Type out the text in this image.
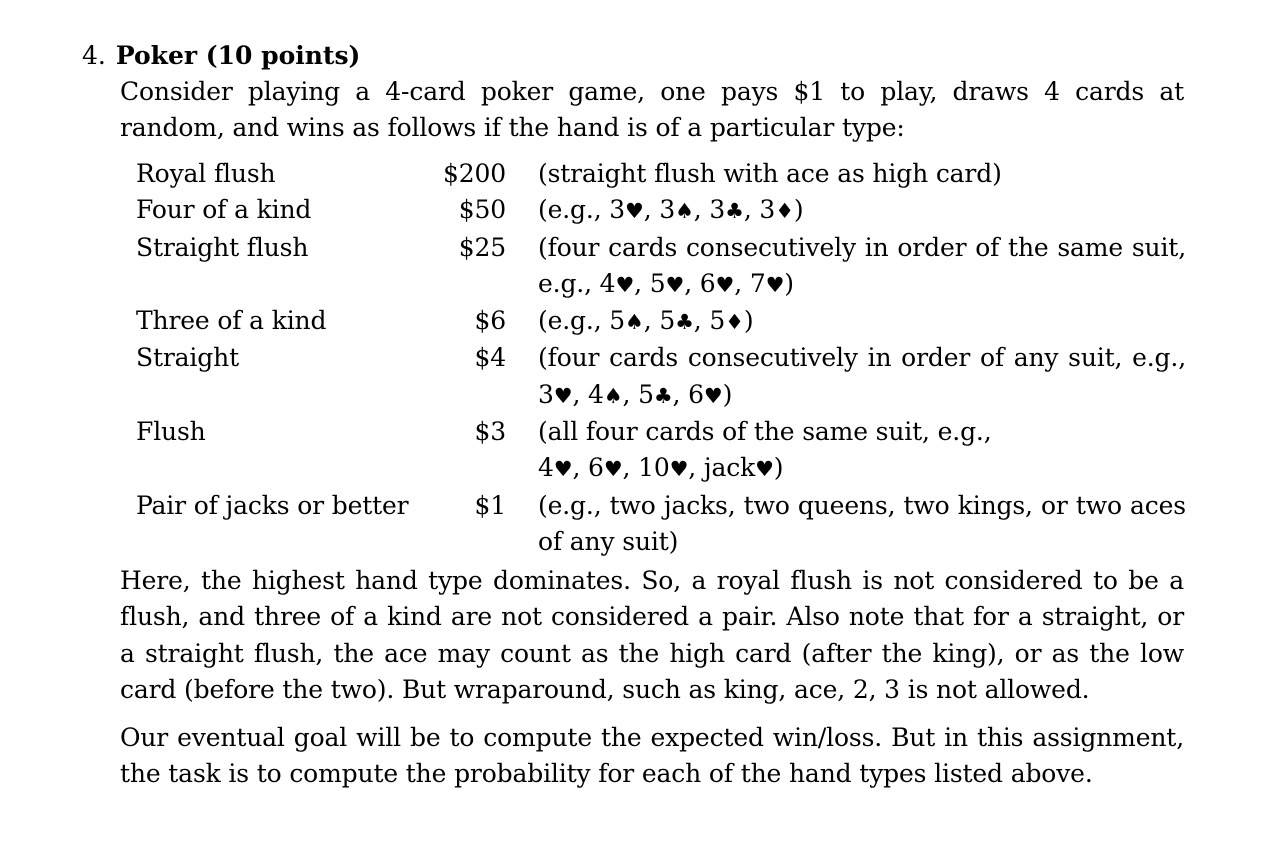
4. Poker (10 points)
Consider playing a 4-card poker game, one pays $1 to play, draws 4 cards at random, and wins as follows if the hand is of a particular type:
Royal flush	$200	(straight flush with ace as high card)
Four of a kind	$50	(e.g., 3♥, 3♠, 3♣, 3♦)
Straight flush	$25	(four cards consecutively in order of the same suit, e.g., 4♥, 5♥, 6♥, 7♥)
Three of a kind	$6	(e.g., 5♠, 5♣, 5♦)
Straight	$4	(four cards consecutively in order of any suit, e.g., 3♥, 4♠, 5♣, 6♥)
Flush	$3	(all four cards of the same suit, e.g.,
4♥, 6♥, 10♥, jack♥)
Pair of jacks or better	$1	(e.g., two jacks, two queens, two kings, or two aces of any suit)
Here, the highest hand type dominates. So, a royal flush is not considered to be a flush, and three of a kind are not considered a pair. Also note that for a straight, or a straight flush, the ace may count as the high card (after the king), or as the low card (before the two). But wraparound, such as king, ace, 2, 3 is not allowed.
Our eventual goal will be to compute the expected win/loss. But in this assignment, the task is to compute the probability for each of the hand types listed above.
